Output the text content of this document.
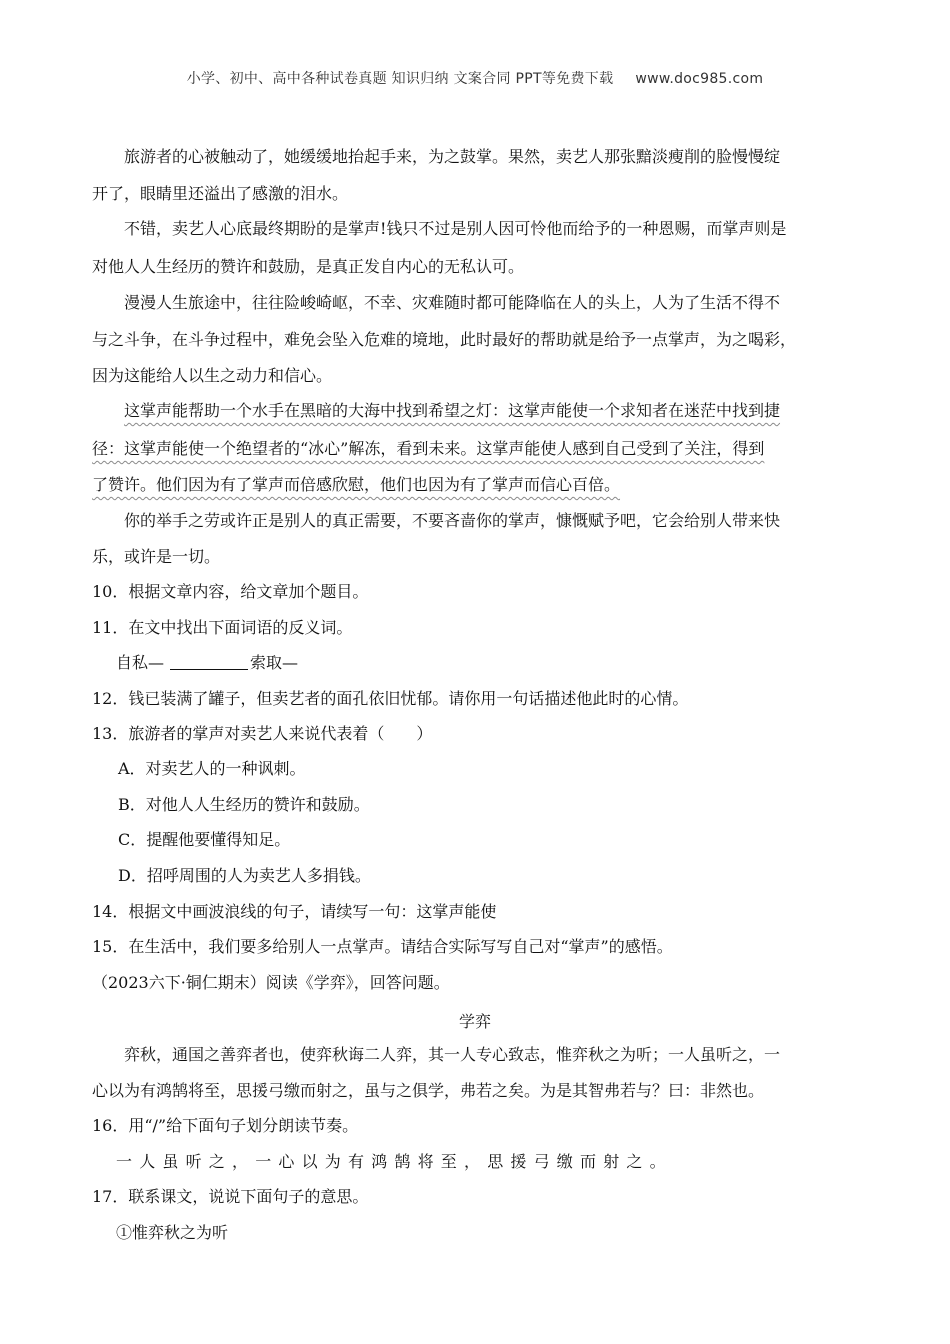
小学、初中、高中各种试卷真题 知识归纳 文案合同 PPT等免费下载 www.doc985.com
旅游者的心被触动了，她缓缓地抬起手来，为之鼓掌。果然，卖艺人那张黯淡瘦削的脸慢慢绽
开了，眼睛里还溢出了感激的泪水。
不错，卖艺人心底最终期盼的是掌声!钱只不过是别人因可怜他而给予的一种恩赐，而掌声则是
对他人人生经历的赞许和鼓励，是真正发自内心的无私认可。
漫漫人生旅途中，往往险峻崎岖，不幸、灾难随时都可能降临在人的头上，人为了生活不得不
与之斗争，在斗争过程中，难免会坠入危难的境地，此时最好的帮助就是给予一点掌声，为之喝彩，
因为这能给人以生之动力和信心。
这掌声能帮助一个水手在黑暗的大海中找到希望之灯：这掌声能使一个求知者在迷茫中找到捷
径：这掌声能使一个绝望者的“冰心”解冻，看到未来。这掌声能使人感到自己受到了关注，得到
了赞许。他们因为有了掌声而倍感欣慰，他们也因为有了掌声而信心百倍。
你的举手之劳或许正是别人的真正需要，不要吝啬你的掌声，慷慨赋予吧，它会给别人带来快
乐，或许是一切。
10．根据文章内容，给文章加个题目。
11．在文中找出下面词语的反义词。
自私—	索取—
12．钱已装满了罐子，但卖艺者的面孔依旧忧郁。请你用一句话描述他此时的心情。
13．旅游者的掌声对卖艺人来说代表着（　　）
A．对卖艺人的一种讽刺。
B．对他人人生经历的赞许和鼓励。
C．提醒他要懂得知足。
D．招呼周围的人为卖艺人多捐钱。
14．根据文中画波浪线的句子，请续写一句：这掌声能使
15．在生活中，我们要多给别人一点掌声。请结合实际写写自己对“掌声”的感悟。
（2023六下·铜仁期末）阅读《学弈》，回答问题。
学弈
弈秋，通国之善弈者也，使弈秋诲二人弈，其一人专心致志，惟弈秋之为听；一人虽听之，一
心以为有鸿鹄将至，思援弓缴而射之，虽与之俱学，弗若之矣。为是其智弗若与？曰：非然也。
16．用“/”给下面句子划分朗读节奏。
一人虽听之，一心以为有鸿鹄将至，思援弓缴而射之。
17．联系课文，说说下面句子的意思。
①惟弈秋之为听
